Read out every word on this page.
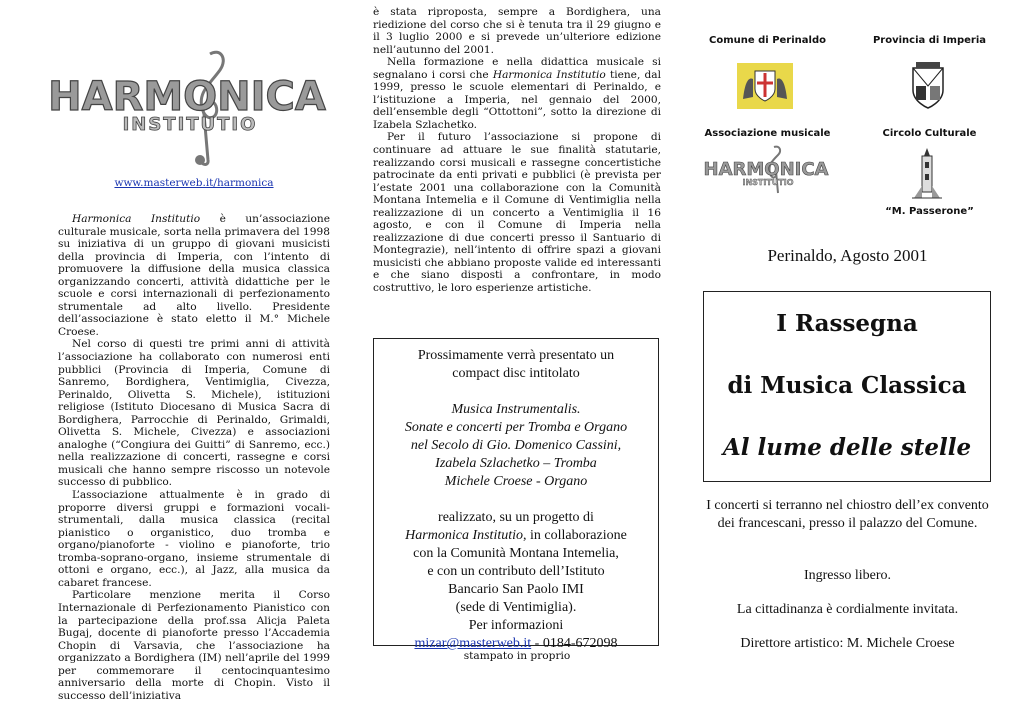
HARMONICA
INSTITUTIO
www.masterweb.it/harmonica

Harmonica Institutio è un’associazione culturale musicale, sorta nella primavera del 1998 su iniziativa di un gruppo di giovani musicisti della provincia di Imperia, con l’intento di promuovere la diffusione della musica classica organizzando concerti, attività didattiche per le scuole e corsi internazionali di perfezionamento strumentale ad alto livello. Presidente dell’associazione è stato eletto il M.° Michele Croese.

Nel corso di questi tre primi anni di attività l’associazione ha collaborato con numerosi enti pubblici (Provincia di Imperia, Comune di Sanremo, Bordighera, Ventimiglia, Civezza, Perinaldo, Olivetta S. Michele), istituzioni religiose (Istituto Diocesano di Musica Sacra di Bordighera, Parrocchie di Perinaldo, Grimaldi, Olivetta S. Michele, Civezza) e associazioni analoghe (“Congiura dei Guitti” di Sanremo, ecc.) nella realizzazione di concerti, rassegne e corsi musicali che hanno sempre riscosso un notevole successo di pubblico.

L’associazione attualmente è in grado di proporre diversi gruppi e formazioni vocali-strumentali, dalla musica classica (recital pianistico o organistico, duo tromba e organo/pianoforte - violino e pianoforte, trio tromba-soprano-organo, insieme strumentale di ottoni e organo, ecc.), al Jazz, alla musica da cabaret francese.

Particolare menzione merita il Corso Internazionale di Perfezionamento Pianistico con la partecipazione della prof.ssa Alicja Paleta Bugaj, docente di pianoforte presso l’Accademia Chopin di Varsavia, che l’associazione ha organizzato a Bordighera (IM) nell’aprile del 1999 per commemorare il centocinquantesimo anniversario della morte di Chopin. Visto il successo dell’iniziativa

è stata riproposta, sempre a Bordighera, una riedizione del corso che si è tenuta tra il 29 giugno e il 3 luglio 2000 e si prevede un’ulteriore edizione nell’autunno del 2001.

Nella formazione e nella didattica musicale si segnalano i corsi che Harmonica Institutio tiene, dal 1999, presso le scuole elementari di Perinaldo, e l’istituzione a Imperia, nel gennaio del 2000, dell’ensemble degli “Ottottoni”, sotto la direzione di Izabela Szlachetko.

Per il futuro l’associazione si propone di continuare ad attuare le sue finalità statutarie, realizzando corsi musicali e rassegne concertistiche patrocinate da enti privati e pubblici (è prevista per l’estate 2001 una collaborazione con la Comunità Montana Intemelia e il Comune di Ventimiglia nella realizzazione di un concerto a Ventimiglia il 16 agosto, e con il Comune di Imperia nella realizzazione di due concerti presso il Santuario di Montegrazie), nell’intento di offrire spazi a giovani musicisti che abbiano proposte valide ed interessanti e che siano disposti a confrontare, in modo costruttivo, le loro esperienze artistiche.

Prossimamente verrà presentato un
compact disc intitolato
Musica Instrumentalis.
Sonate e concerti per Tromba e Organo
nel Secolo di Gio. Domenico Cassini,
Izabela Szlachetko – Tromba
Michele Croese - Organo
realizzato, su un progetto di
Harmonica Institutio, in collaborazione
con la Comunità Montana Intemelia,
e con un contributo dell’Istituto
Bancario San Paolo IMI
(sede di Ventimiglia).
Per informazioni
mizar@masterweb.it - 0184-672098
stampato in proprio
Comune di Perinaldo	Provincia di Imperia
Associazione musicale	Circolo Culturale
HARMONICA
INSTITUTIO
“M. Passerone”
Perinaldo, Agosto 2001
I Rassegna
di Musica Classica
Al lume delle stelle
I concerti si terranno nel chiostro dell’ex convento dei francescani, presso il palazzo del Comune.
Ingresso libero.
La cittadinanza è cordialmente invitata.
Direttore artistico: M. Michele Croese
